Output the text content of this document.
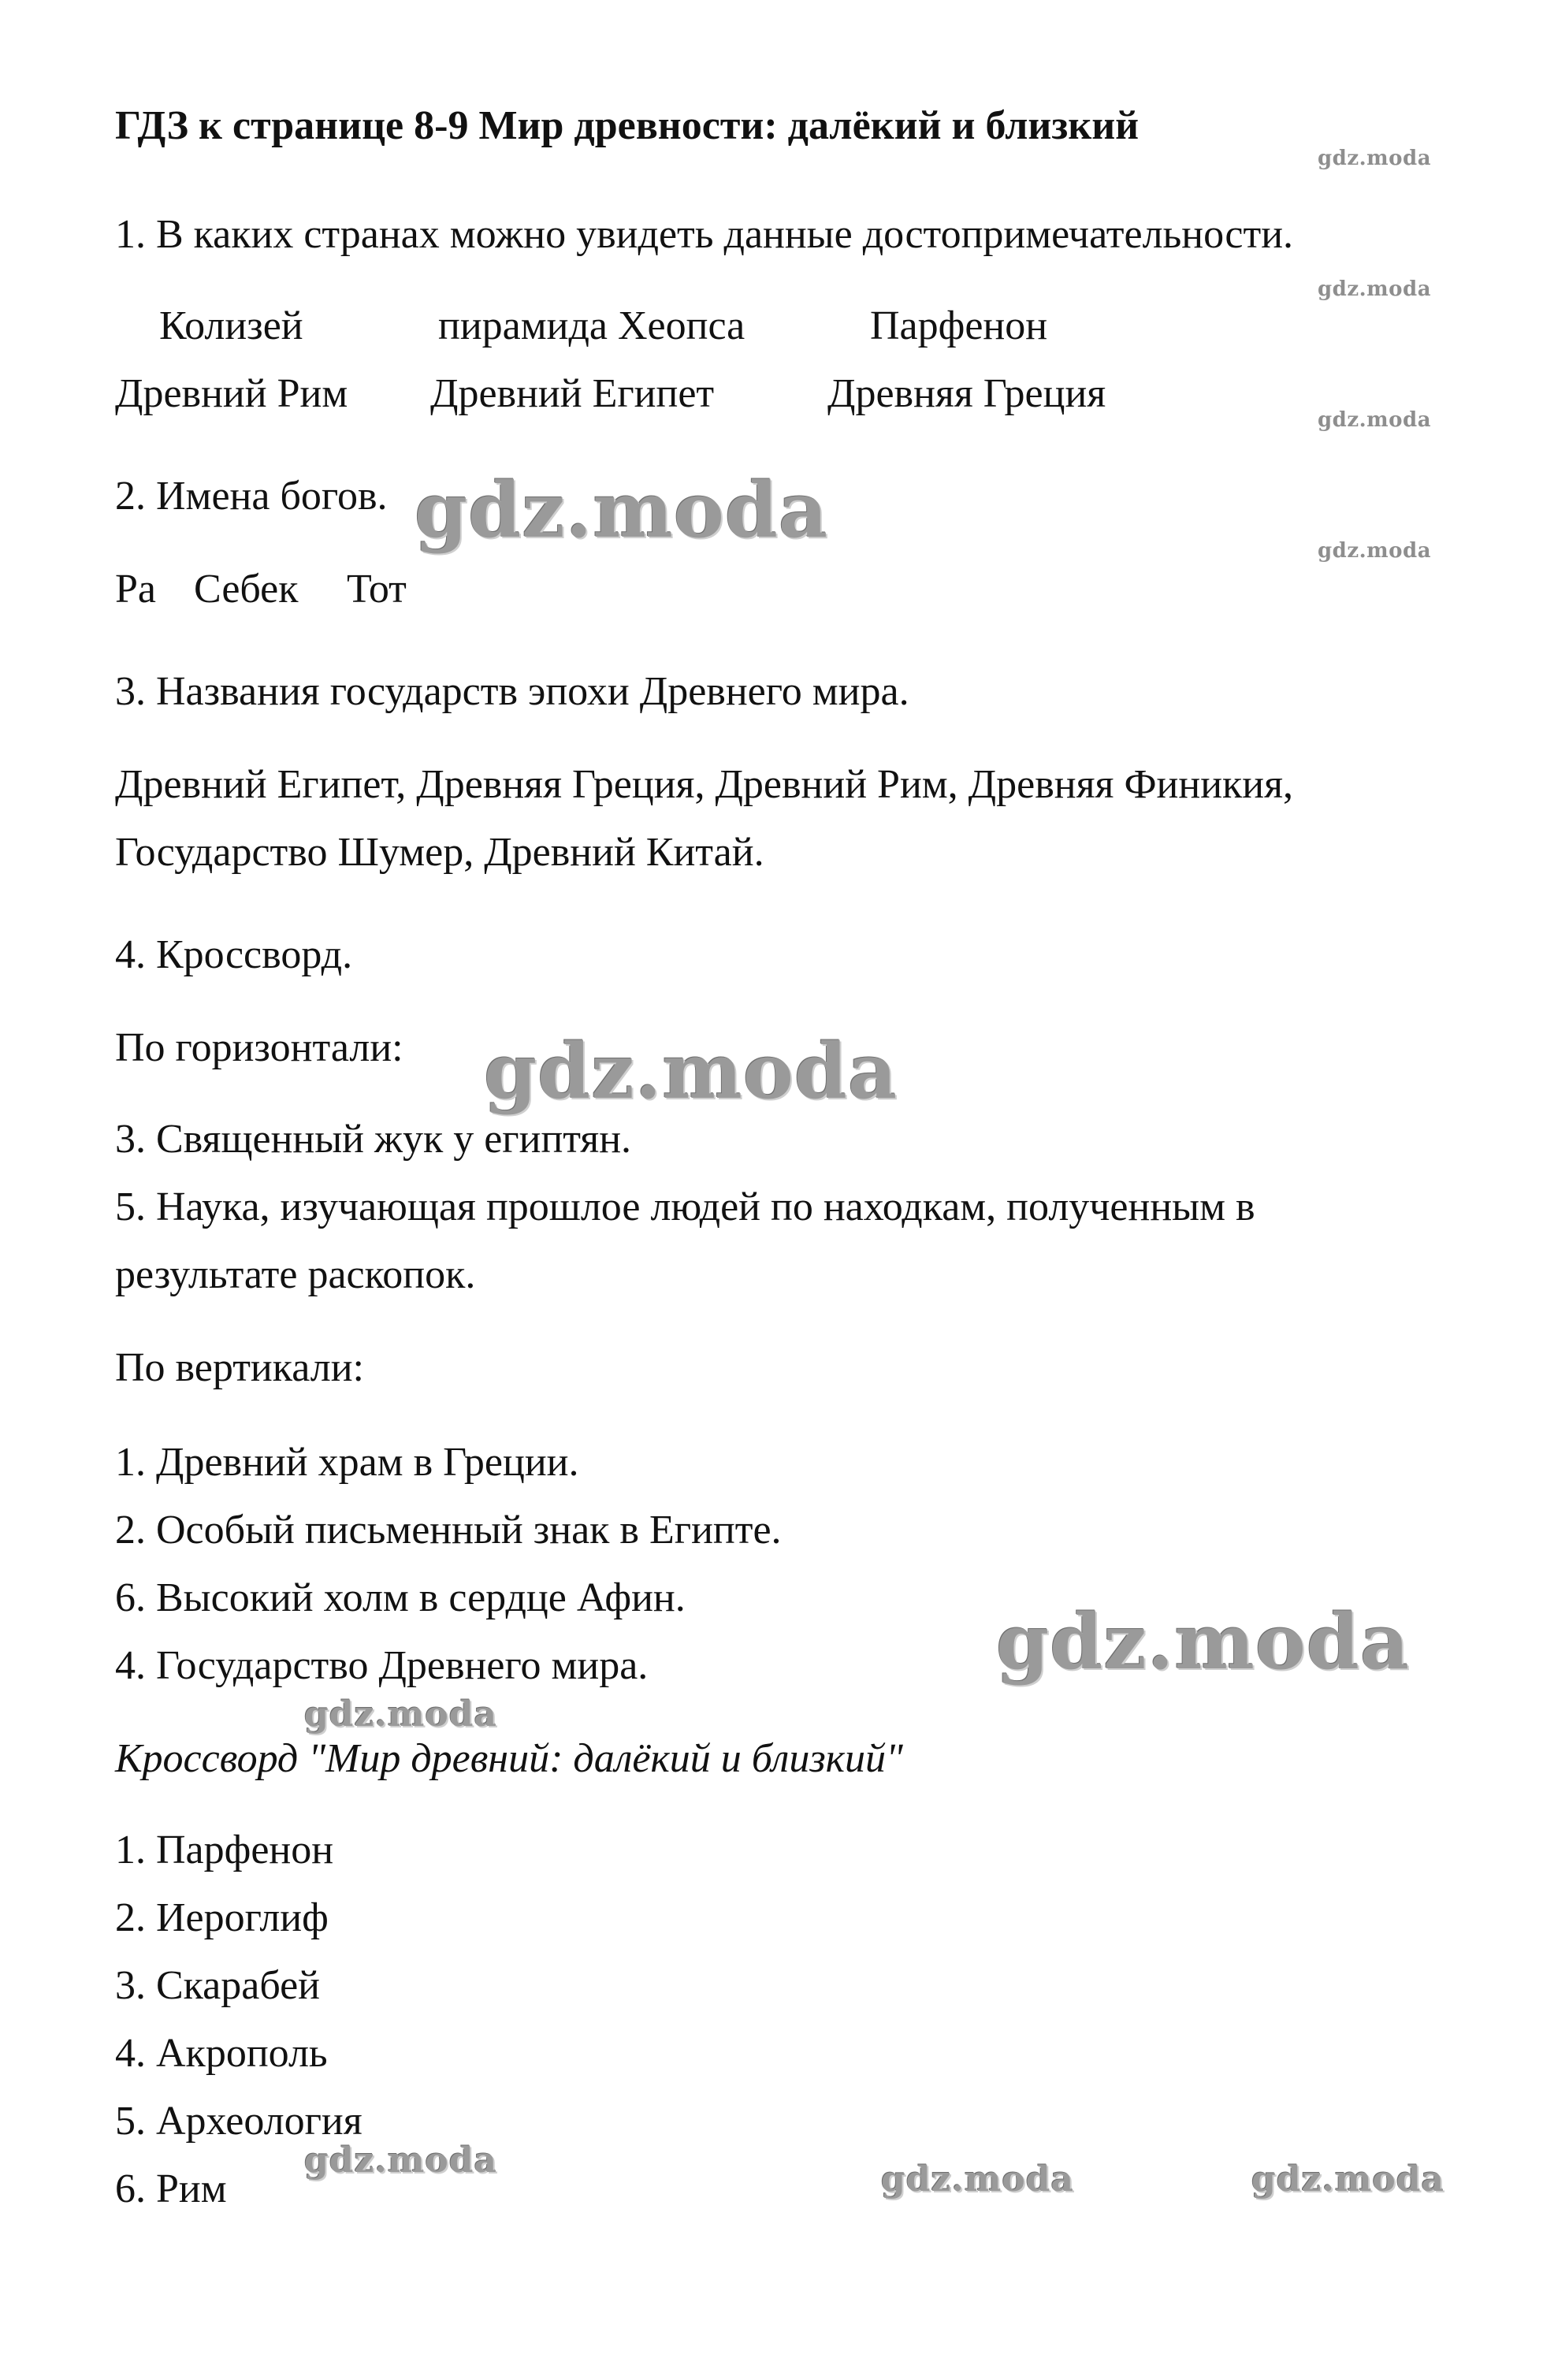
ГДЗ к странице 8-9 Мир древности: далёкий и близкий
1. В каких странах можно увидеть данные достопримечательности.
Колизей	пирамида Хеопса	Парфенон
Древний Рим Древний Египет	Древняя Греция
2. Имена богов.
Ра Себек Тот
3. Названия государств эпохи Древнего мира.
Древний Египет, Древняя Греция, Древний Рим, Древняя Финикия,
Государство Шумер, Древний Китай.
4. Кроссворд.
По горизонтали:
3. Священный жук у египтян.
5. Наука, изучающая прошлое людей по находкам, полученным в
результате раскопок.
По вертикали:
1. Древний храм в Греции.
2. Особый письменный знак в Египте.
6. Высокий холм в сердце Афин.
4. Государство Древнего мира.
Кроссворд "Мир древний: далёкий и близкий"
1. Парфенон
2. Иероглиф
3. Скарабей
4. Акрополь
5. Археология
6. Рим
gdz.moda
gdz.moda
gdz.moda
gdz.moda
gdz.moda
gdz.moda
gdz.moda
gdz.moda
gdz.moda	gdz.moda	gdz.moda
